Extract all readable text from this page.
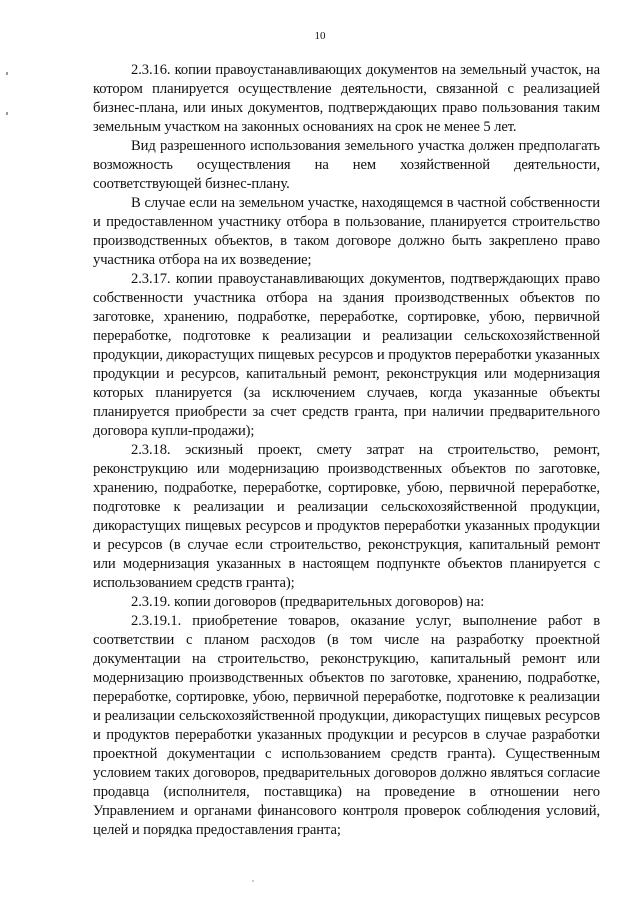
10

2.3.16. копии правоустанавливающих документов на земельный участок, на котором планируется осуществление деятельности, связанной с реализацией бизнес-плана, или иных документов, подтверждающих право пользования таким земельным участком на законных основаниях на срок не менее 5 лет.

Вид разрешенного использования земельного участка должен предполагать возможность осуществления на нем хозяйственной деятельности, соответствующей бизнес-плану.

В случае если на земельном участке, находящемся в частной собственности и предоставленном участнику отбора в пользование, планируется строительство производственных объектов, в таком договоре должно быть закреплено право участника отбора на их возведение;

2.3.17. копии правоустанавливающих документов, подтверждающих право собственности участника отбора на здания производственных объектов по заготовке, хранению, подработке, переработке, сортировке, убою, первичной переработке, подготовке к реализации и реализации сельскохозяйственной продукции, дикорастущих пищевых ресурсов и продуктов переработки указанных продукции и ресурсов, капитальный ремонт, реконструкция или модернизация которых планируется (за исключением случаев, когда указанные объекты планируется приобрести за счет средств гранта, при наличии предварительного договора купли-продажи);

2.3.18. эскизный проект, смету затрат на строительство, ремонт, реконструкцию или модернизацию производственных объектов по заготовке, хранению, подработке, переработке, сортировке, убою, первичной переработке, подготовке к реализации и реализации сельскохозяйственной продукции, дикорастущих пищевых ресурсов и продуктов переработки указанных продукции и ресурсов (в случае если строительство, реконструкция, капитальный ремонт или модернизация указанных в настоящем подпункте объектов планируется с использованием средств гранта);

2.3.19. копии договоров (предварительных договоров) на:

2.3.19.1. приобретение товаров, оказание услуг, выполнение работ в соответствии с планом расходов (в том числе на разработку проектной документации на строительство, реконструкцию, капитальный ремонт или модернизацию производственных объектов по заготовке, хранению, подработке, переработке, сортировке, убою, первичной переработке, подготовке к реализации и реализации сельскохозяйственной продукции, дикорастущих пищевых ресурсов и продуктов переработки указанных продукции и ресурсов в случае разработки проектной документации с использованием средств гранта). Существенным условием таких договоров, предварительных договоров должно являться согласие продавца (исполнителя, поставщика) на проведение в отношении него Управлением и органами финансового контроля проверок соблюдения условий, целей и порядка предоставления гранта;
